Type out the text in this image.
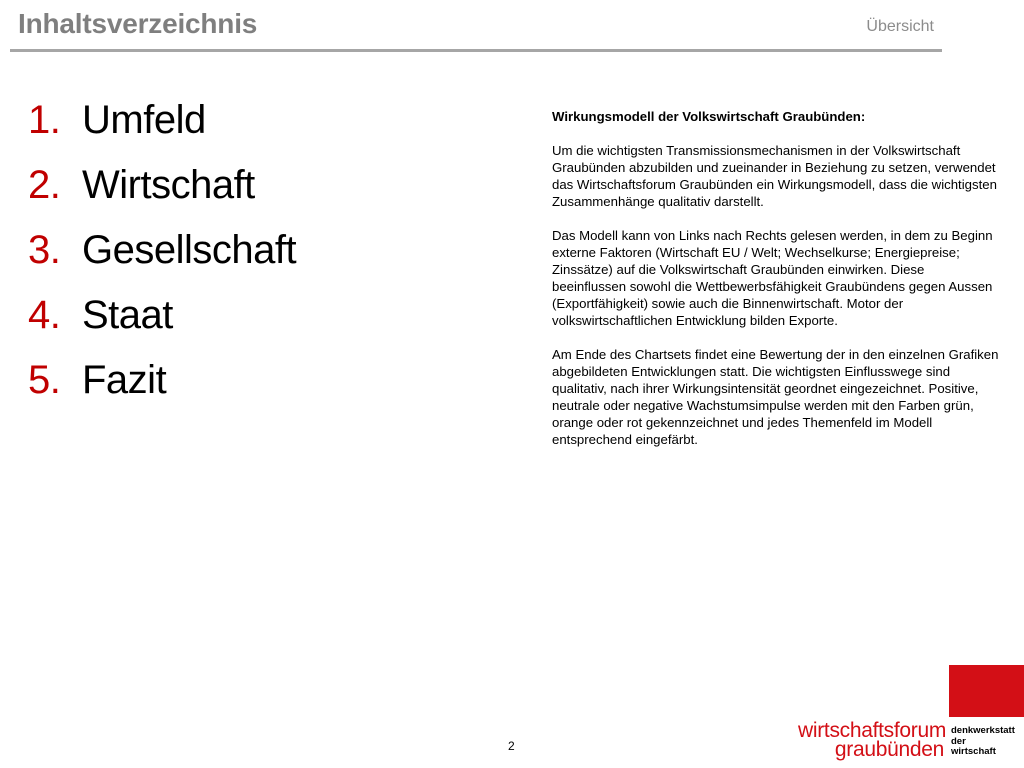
Inhaltsverzeichnis	Übersicht
1. Umfeld
2. Wirtschaft
3. Gesellschaft
4. Staat
5. Fazit
Wirkungsmodell der Volkswirtschaft Graubünden:

Um die wichtigsten Transmissionsmechanismen in der Volkswirtschaft Graubünden abzubilden und zueinander in Beziehung zu setzen, verwendet das Wirtschaftsforum Graubünden ein Wirkungsmodell, dass die wichtigsten Zusammenhänge qualitativ darstellt.

Das Modell kann von Links nach Rechts gelesen werden, in dem zu Beginn externe Faktoren (Wirtschaft EU / Welt; Wechselkurse; Energiepreise; Zinssätze) auf die Volkswirtschaft Graubünden einwirken. Diese beeinflussen sowohl die Wettbewerbsfähigkeit Graubündens gegen Aussen (Exportfähigkeit) sowie auch die Binnenwirtschaft. Motor der volkswirtschaftlichen Entwicklung bilden Exporte.

Am Ende des Chartsets findet eine Bewertung der in den einzelnen Grafiken abgebildeten Entwicklungen statt. Die wichtigsten Einflusswege sind qualitativ, nach ihrer Wirkungsintensität geordnet eingezeichnet. Positive, neutrale oder negative Wachstumsimpulse werden mit den Farben grün, orange oder rot gekennzeichnet und jedes Themenfeld im Modell entsprechend eingefärbt.

2
wirtschaftsforum
graubünden
denkwerkstatt
der
wirtschaft
